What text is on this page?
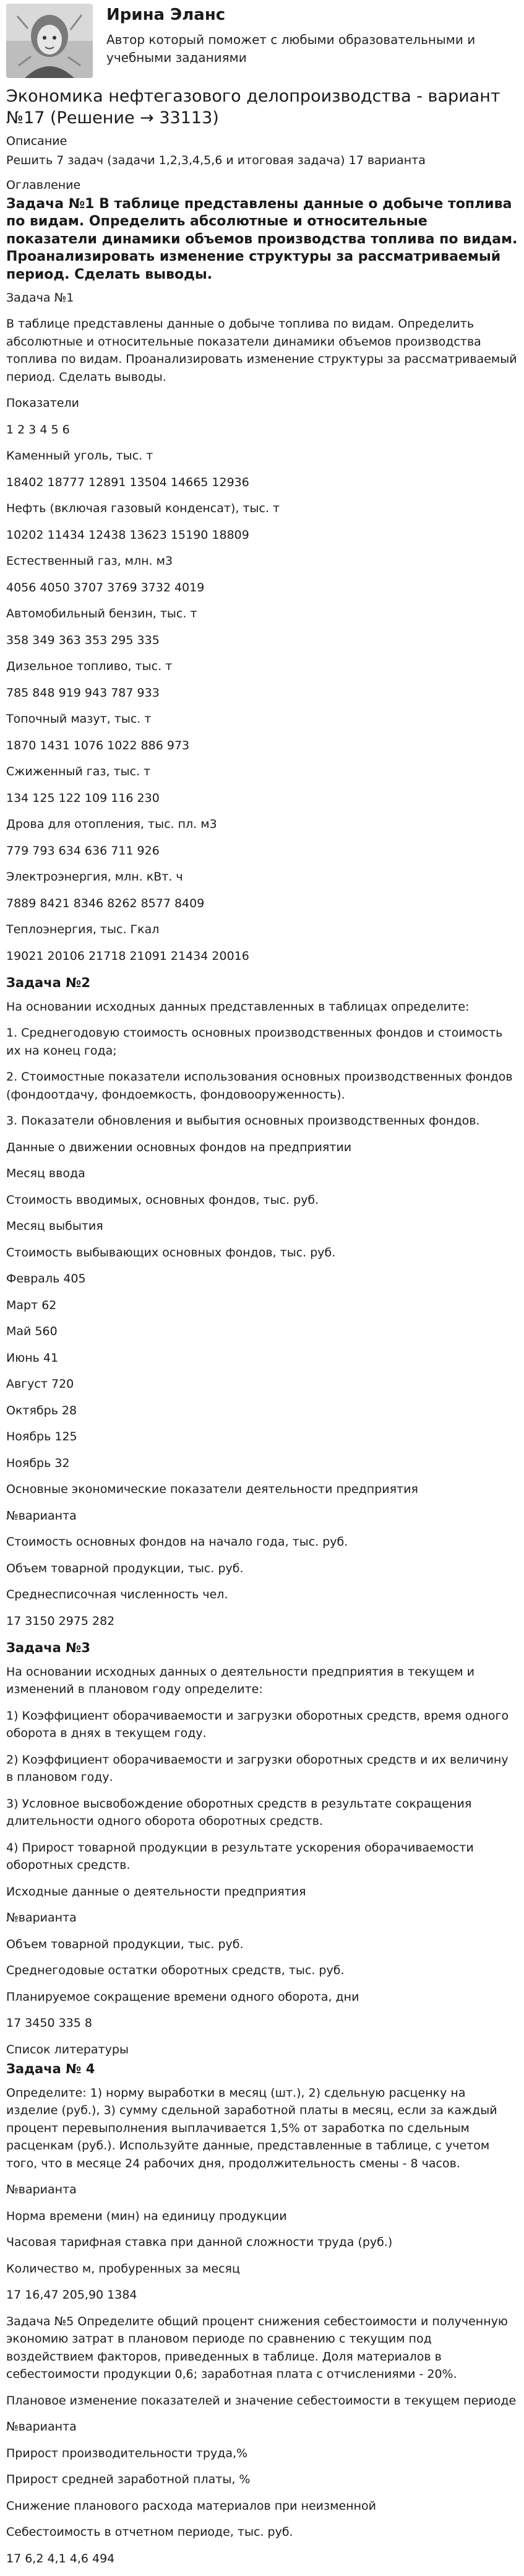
Ирина Эланс
Автор который поможет с любыми образовательными и учебными заданиями
Экономика нефтегазового делопроизводства - вариант №17 (Решение → 33113)
Описание
Решить 7 задач (задачи 1,2,3,4,5,6 и итоговая задача) 17 варианта
Оглавление
Задача №1 В таблице представлены данные о добыче топлива по видам. Определить абсолютные и относительные показатели динамики объемов производства топлива по видам. Проанализировать изменение структуры за рассматриваемый период. Сделать выводы.

Задача №1

В таблице представлены данные о добыче топлива по видам. Определить абсолютные и относительные показатели динамики объемов производства топлива по видам. Проанализировать изменение структуры за рассматриваемый период. Сделать выводы.

Показатели

1 2 3 4 5 6

Каменный уголь, тыс. т

18402 18777 12891 13504 14665 12936

Нефть (включая газовый конденсат), тыс. т

10202 11434 12438 13623 15190 18809

Естественный газ, млн. м3

4056 4050 3707 3769 3732 4019

Автомобильный бензин, тыс. т

358 349 363 353 295 335

Дизельное топливо, тыс. т

785 848 919 943 787 933

Топочный мазут, тыс. т

1870 1431 1076 1022 886 973

Сжиженный газ, тыс. т

134 125 122 109 116 230

Дрова для отопления, тыс. пл. м3

779 793 634 636 711 926

Электроэнергия, млн. кВт. ч

7889 8421 8346 8262 8577 8409

Теплоэнергия, тыс. Гкал

19021 20106 21718 21091 21434 20016

Задача №2

На основании исходных данных представленных в таблицах определите:

1. Среднегодовую стоимость основных производственных фондов и стоимость их на конец года;

2. Стоимостные показатели использования основных производственных фондов (фондоотдачу, фондоемкость, фондовооруженность).

3. Показатели обновления и выбытия основных производственных фондов.

Данные о движении основных фондов на предприятии

Месяц ввода

Стоимость вводимых, основных фондов, тыс. руб.

Месяц выбытия

Стоимость выбывающих основных фондов, тыс. руб.

Февраль 405

Март 62

Май 560

Июнь 41

Август 720

Октябрь 28

Ноябрь 125

Ноябрь 32

Основные экономические показатели деятельности предприятия

№варианта

Стоимость основных фондов на начало года, тыс. руб.

Объем товарной продукции, тыс. руб.

Среднесписочная численность чел.

17 3150 2975 282

Задача №3

На основании исходных данных о деятельности предприятия в текущем и изменений в плановом году определите:

1) Коэффициент оборачиваемости и загрузки оборотных средств, время одного оборота в днях в текущем году.

2) Коэффициент оборачиваемости и загрузки оборотных средств и их величину в плановом году.

3) Условное высвобождение оборотных средств в результате сокращения длительности одного оборота оборотных средств.

4) Прирост товарной продукции в результате ускорения оборачиваемости оборотных средств.

Исходные данные о деятельности предприятия

№варианта

Объем товарной продукции, тыс. руб.

Среднегодовые остатки оборотных средств, тыс. руб.

Планируемое сокращение времени одного оборота, дни

17 3450 335 8

Список литературы

Задача № 4

Определите: 1) норму выработки в месяц (шт.), 2) сдельную расценку на изделие (руб.), 3) сумму сдельной заработной платы в месяц, если за каждый процент перевыполнения выплачивается 1,5% от заработка по сдельным расценкам (руб.). Используйте данные, представленные в таблице, с учетом того, что в месяце 24 рабочих дня, продолжительность смены - 8 часов.

№варианта

Норма времени (мин) на единицу продукции

Часовая тарифная ставка при данной сложности труда (руб.)

Количество м, пробуренных за месяц

17 16,47 205,90 1384

Задача №5 Определите общий процент снижения себестоимости и полученную экономию затрат в плановом периоде по сравнению с текущим под воздействием факторов, приведенных в таблице. Доля материалов в себестоимости продукции 0,6; заработная плата с отчислениями - 20%.

Плановое изменение показателей и значение себестоимости в текущем периоде

№варианта

Прирост производительности труда,%

Прирост средней заработной платы, %

Снижение планового расхода материалов при неизменной

Себестоимость в отчетном периоде, тыс. руб.

17 6,2 4,1 4,6 494
